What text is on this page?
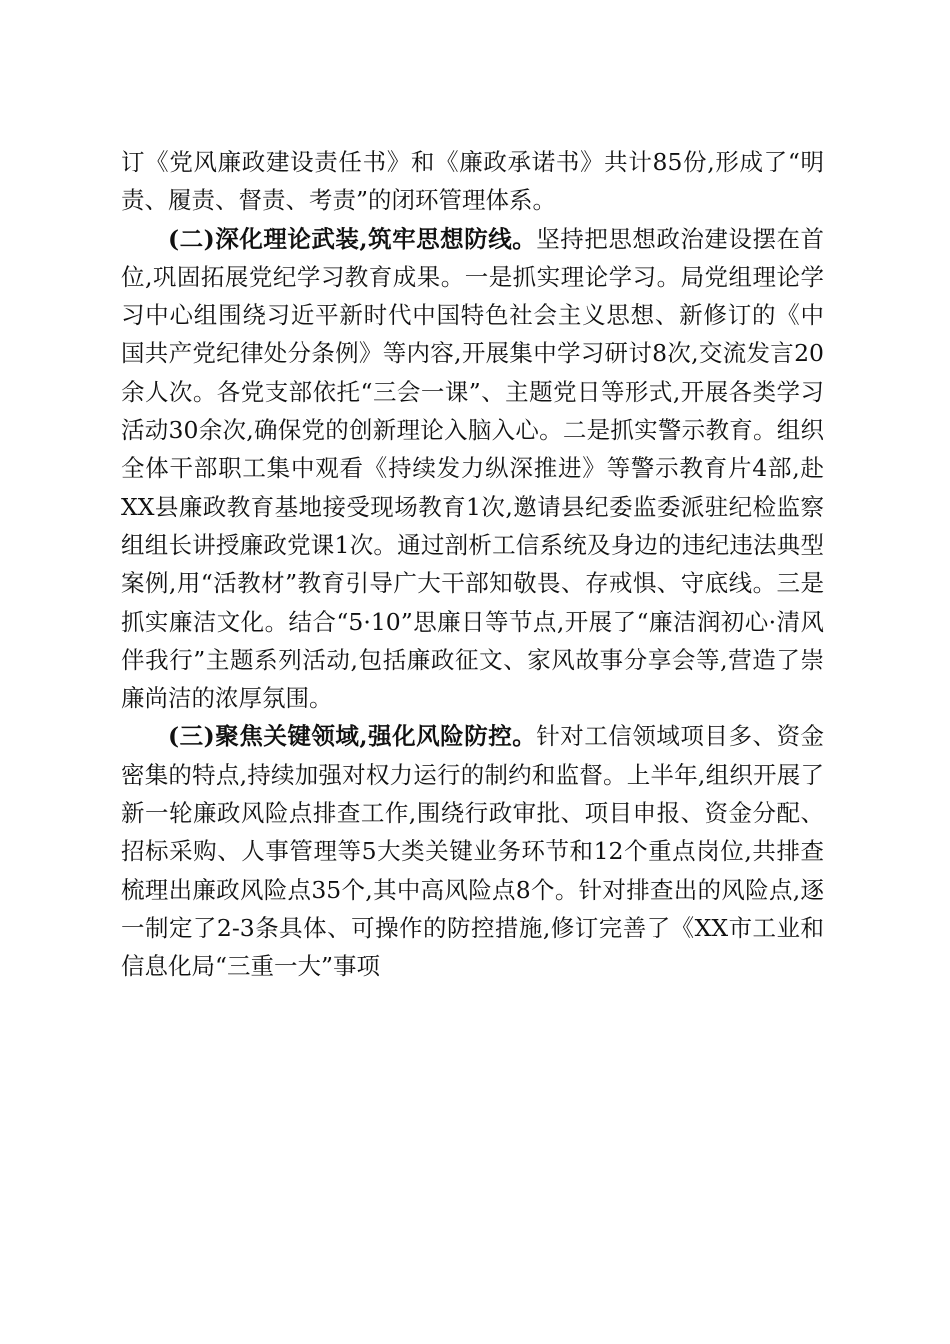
订《党风廉政建设责任书》和《廉政承诺书》共计85份,形成了“明责、履责、督责、考责”的闭环管理体系。

(二)深化理论武装,筑牢思想防线。坚持把思想政治建设摆在首位,巩固拓展党纪学习教育成果。一是抓实理论学习。局党组理论学习中心组围绕习近平新时代中国特色社会主义思想、新修订的《中国共产党纪律处分条例》等内容,开展集中学习研讨8次,交流发言20余人次。各党支部依托“三会一课”、主题党日等形式,开展各类学习活动30余次,确保党的创新理论入脑入心。二是抓实警示教育。组织全体干部职工集中观看《持续发力纵深推进》等警示教育片4部,赴XX县廉政教育基地接受现场教育1次,邀请县纪委监委派驻纪检监察组组长讲授廉政党课1次。通过剖析工信系统及身边的违纪违法典型案例,用“活教材”教育引导广大干部知敬畏、存戒惧、守底线。三是抓实廉洁文化。结合“5·10”思廉日等节点,开展了“廉洁润初心·清风伴我行”主题系列活动,包括廉政征文、家风故事分享会等,营造了崇廉尚洁的浓厚氛围。

(三)聚焦关键领域,强化风险防控。针对工信领域项目多、资金密集的特点,持续加强对权力运行的制约和监督。上半年,组织开展了新一轮廉政风险点排查工作,围绕行政审批、项目申报、资金分配、招标采购、人事管理等5大类关键业务环节和12个重点岗位,共排查梳理出廉政风险点35个,其中高风险点8个。针对排查出的风险点,逐一制定了2-3条具体、可操作的防控措施,修订完善了《XX市工业和信息化局“三重一大”事项
